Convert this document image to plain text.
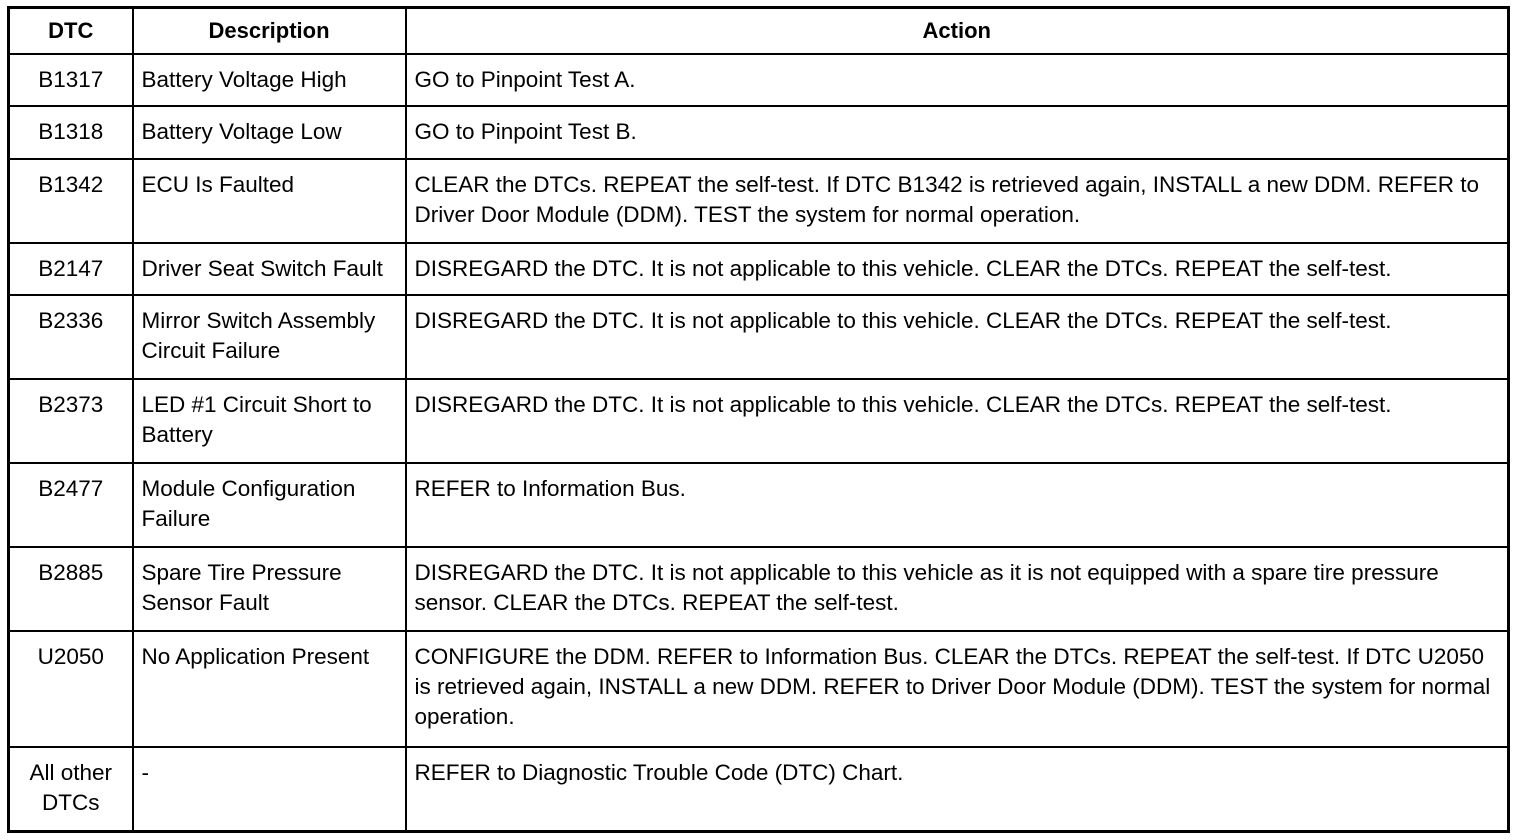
DTC	Description	Action
B1317	Battery Voltage High	GO to Pinpoint Test A.
B1318	Battery Voltage Low	GO to Pinpoint Test B.
B1342	ECU Is Faulted	CLEAR the DTCs. REPEAT the self-test. If DTC B1342 is retrieved again, INSTALL a new DDM. REFER to Driver Door Module (DDM). TEST the system for normal operation.
B2147	Driver Seat Switch Fault	DISREGARD the DTC. It is not applicable to this vehicle. CLEAR the DTCs. REPEAT the self-test.
B2336	Mirror Switch Assembly Circuit Failure	DISREGARD the DTC. It is not applicable to this vehicle. CLEAR the DTCs. REPEAT the self-test.
B2373	LED #1 Circuit Short to Battery	DISREGARD the DTC. It is not applicable to this vehicle. CLEAR the DTCs. REPEAT the self-test.
B2477	Module Configuration Failure	REFER to Information Bus.
B2885	Spare Tire Pressure Sensor Fault	DISREGARD the DTC. It is not applicable to this vehicle as it is not equipped with a spare tire pressure sensor. CLEAR the DTCs. REPEAT the self-test.
U2050	No Application Present	CONFIGURE the DDM. REFER to Information Bus. CLEAR the DTCs. REPEAT the self-test. If DTC U2050 is retrieved again, INSTALL a new DDM. REFER to Driver Door Module (DDM). TEST the system for normal operation.
All other DTCs	-	REFER to Diagnostic Trouble Code (DTC) Chart.
